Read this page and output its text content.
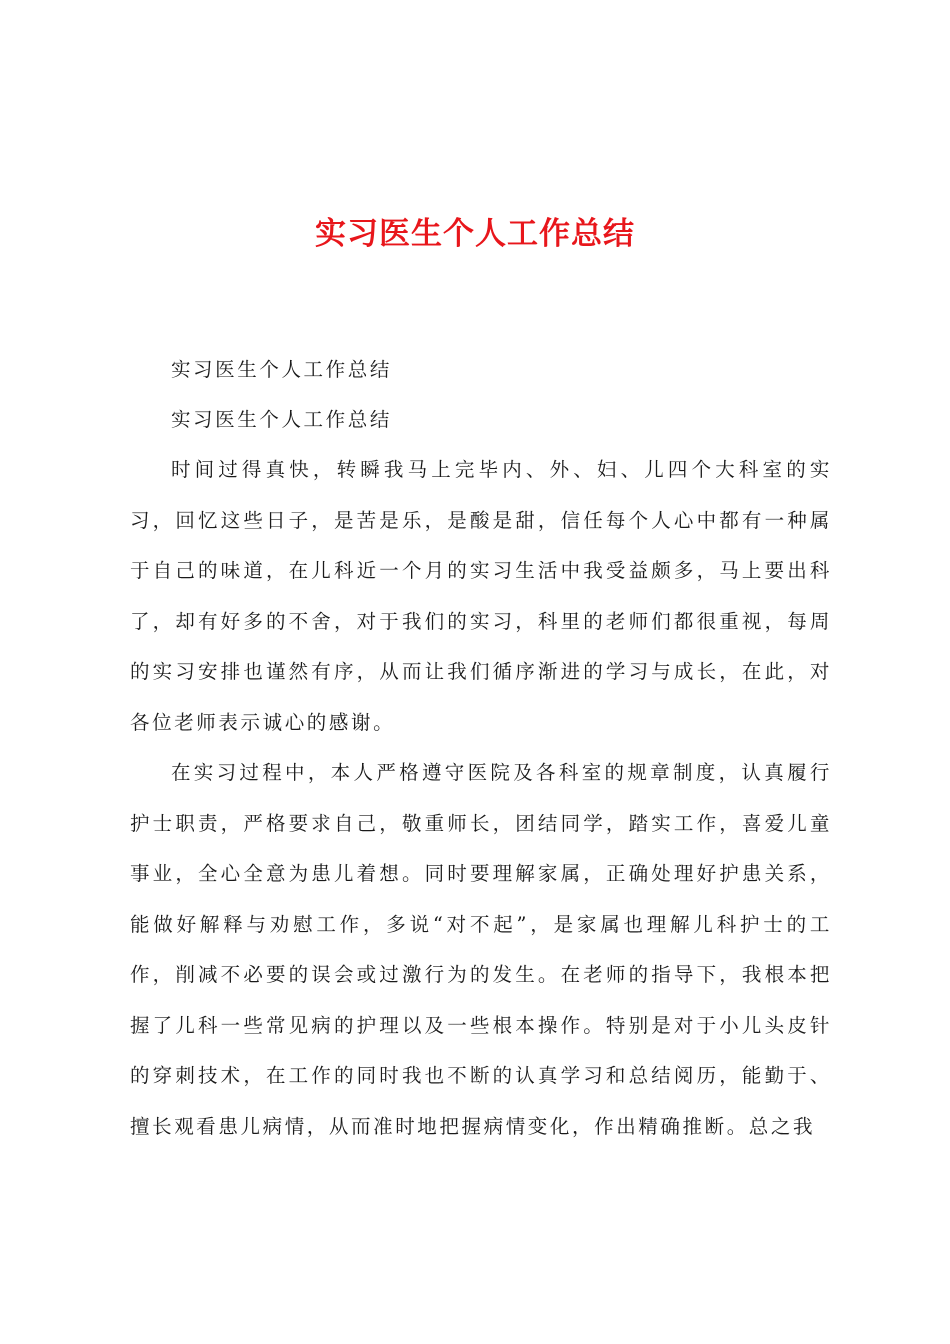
实习医生个人工作总结

实习医生个人工作总结

实习医生个人工作总结

时间过得真快，转瞬我马上完毕内、外、妇、儿四个大科室的实习，回忆这些日子，是苦是乐，是酸是甜，信任每个人心中都有一种属于自己的味道，在儿科近一个月的实习生活中我受益颇多，马上要出科了，却有好多的不舍，对于我们的实习，科里的老师们都很重视，每周的实习安排也谨然有序，从而让我们循序渐进的学习与成长，在此，对各位老师表示诚心的感谢。

在实习过程中，本人严格遵守医院及各科室的规章制度，认真履行护士职责，严格要求自己，敬重师长，团结同学，踏实工作，喜爱儿童事业，全心全意为患儿着想。同时要理解家属，正确处理好护患关系，能做好解释与劝慰工作，多说“对不起”，是家属也理解儿科护士的工作，削减不必要的误会或过激行为的发生。在老师的指导下，我根本把握了儿科一些常见病的护理以及一些根本操作。特别是对于小儿头皮针的穿刺技术，在工作的同时我也不断的认真学习和总结阅历，能勤于、擅长观看患儿病情，从而准时地把握病情变化，作出精确推断。总之我
